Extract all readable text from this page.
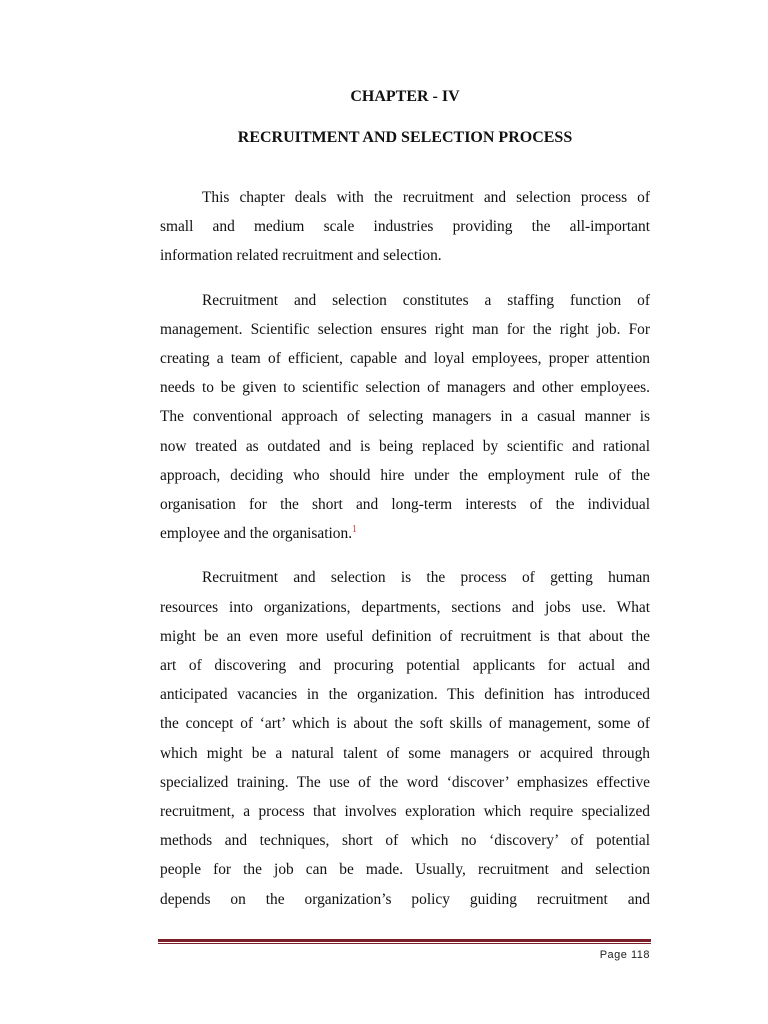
CHAPTER - IV
RECRUITMENT AND SELECTION PROCESS

This chapter deals with the recruitment and selection process of
small and medium scale industries providing the all-important
information related recruitment and selection.

Recruitment and selection constitutes a staffing function of
management. Scientific selection ensures right man for the right job. For
creating a team of efficient, capable and loyal employees, proper attention
needs to be given to scientific selection of managers and other employees.
The conventional approach of selecting managers in a casual manner is
now treated as outdated and is being replaced by scientific and rational
approach, deciding who should hire under the employment rule of the
organisation for the short and long-term interests of the individual
employee and the organisation.$^1$

Recruitment and selection is the process of getting human
resources into organizations, departments, sections and jobs use. What
might be an even more useful definition of recruitment is that about the
art of discovering and procuring potential applicants for actual and
anticipated vacancies in the organization. This definition has introduced
the concept of ‘art’ which is about the soft skills of management, some of
which might be a natural talent of some managers or acquired through
specialized training. The use of the word ‘discover’ emphasizes effective
recruitment, a process that involves exploration which require specialized
methods and techniques, short of which no ‘discovery’ of potential
people for the job can be made. Usually, recruitment and selection
depends on the organization’s policy guiding recruitment and

Page 118
